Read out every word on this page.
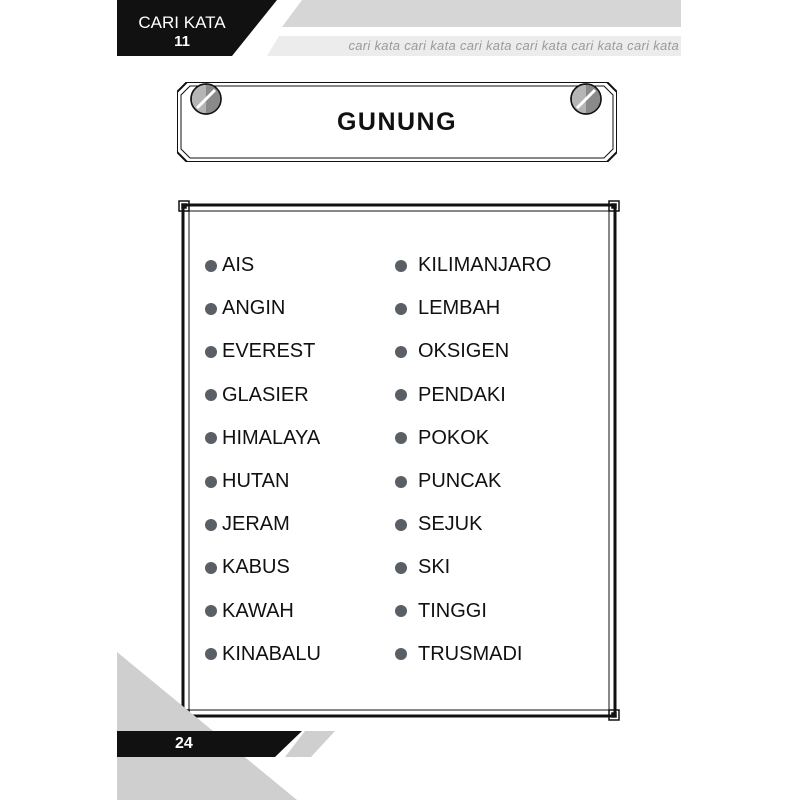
cari kata cari kata cari kata cari kata cari kata cari kata
CARI KATA
11
GUNUNG
AIS
ANGIN
EVEREST
GLASIER
HIMALAYA
HUTAN
JERAM
KABUS
KAWAH
KINABALU
KILIMANJARO
LEMBAH
OKSIGEN
PENDAKI
POKOK
PUNCAK
SEJUK
SKI
TINGGI
TRUSMADI
24
